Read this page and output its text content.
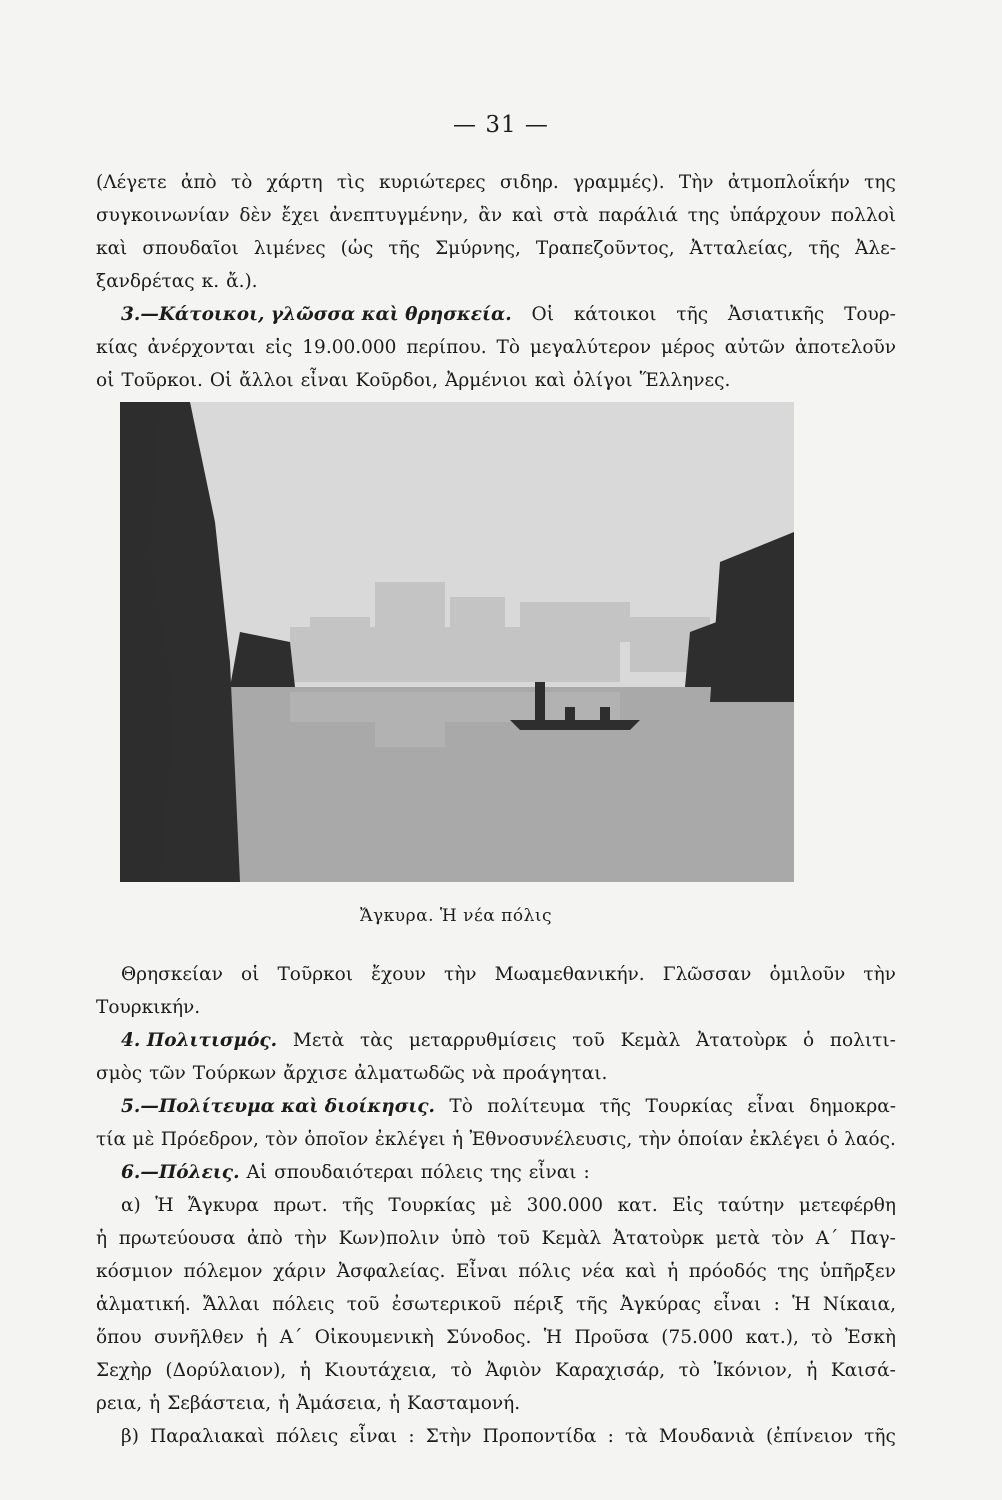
— 31 —
(Λέγετε ἀπὸ τὸ χάρτη τὶς κυριώτερες σιδηρ. γραμμές). Τὴν ἀτμοπλοΐκήν της
συγκοινωνίαν δὲν ἔχει ἀνεπτυγμένην, ἂν καὶ στὰ παράλιά της ὑπάρχουν πολλοὶ
καὶ σπουδαῖοι λιμένες (ὡς τῆς Σμύρνης, Τραπεζοῦντος, Ἀτταλείας, τῆς Ἀλε-
ξανδρέτας κ. ἄ.).
3.—Κάτοικοι, γλῶσσα καὶ θρησκεία. Οἱ κάτοικοι τῆς Ἀσιατικῆς Τουρ-
κίας ἀνέρχονται εἰς 19.00.000 περίπου. Τὸ μεγαλύτερον μέρος αὐτῶν ἀποτελοῦν
οἱ Τοῦρκοι. Οἱ ἄλλοι εἶναι Κοῦρδοι, Ἀρμένιοι καὶ ὀλίγοι Ἕλληνες.
Ἄγκυρα. Ἡ νέα πόλις
Θρησκείαν οἱ Τοῦρκοι ἔχουν τὴν Μωαμεθανικήν. Γλῶσσαν ὁμιλοῦν τὴν
Τουρκικήν.
4. Πολιτισμός. Μετὰ τὰς μεταρρυθμίσεις τοῦ Κεμὰλ Ἀτατοὺρκ ὁ πολιτι-
σμὸς τῶν Τούρκων ἄρχισε ἀλματωδῶς νὰ προάγηται.
5.—Πολίτευμα καὶ διοίκησις. Τὸ πολίτευμα τῆς Τουρκίας εἶναι δημοκρα-
τία μὲ Πρόεδρον, τὸν ὁποῖον ἐκλέγει ἡ Ἐθνοσυνέλευσις, τὴν ὁποίαν ἐκλέγει ὁ λαός.
6.—Πόλεις. Αἱ σπουδαιότεραι πόλεις της εἶναι :
α) Ἡ Ἄγκυρα πρωτ. τῆς Τουρκίας μὲ 300.000 κατ. Εἰς ταύτην μετεφέρθη
ἡ πρωτεύουσα ἀπὸ τὴν Κων)πολιν ὑπὸ τοῦ Κεμὰλ Ἀτατοὺρκ μετὰ τὸν Α΄ Παγ-
κόσμιον πόλεμον χάριν Ἀσφαλείας. Εἶναι πόλις νέα καὶ ἡ πρόοδός της ὑπῆρξεν
ἁλματική. Ἄλλαι πόλεις τοῦ ἐσωτερικοῦ πέριξ τῆς Ἀγκύρας εἶναι : Ἡ Νίκαια,
ὅπου συνῆλθεν ἡ Α΄ Οἰκουμενικὴ Σύνοδος. Ἡ Προῦσα (75.000 κατ.), τὸ Ἐσκὴ
Σεχὴρ (Δορύλαιον), ἡ Κιουτάχεια, τὸ Ἀφιὸν Καραχισάρ, τὸ Ἰκόνιον, ἡ Καισά-
ρεια, ἡ Σεβάστεια, ἡ Ἀμάσεια, ἡ Κασταμονή.
β) Παραλιακαὶ πόλεις εἶναι : Στὴν Προποντίδα : τὰ Μουδανιὰ (ἐπίνειον τῆς
